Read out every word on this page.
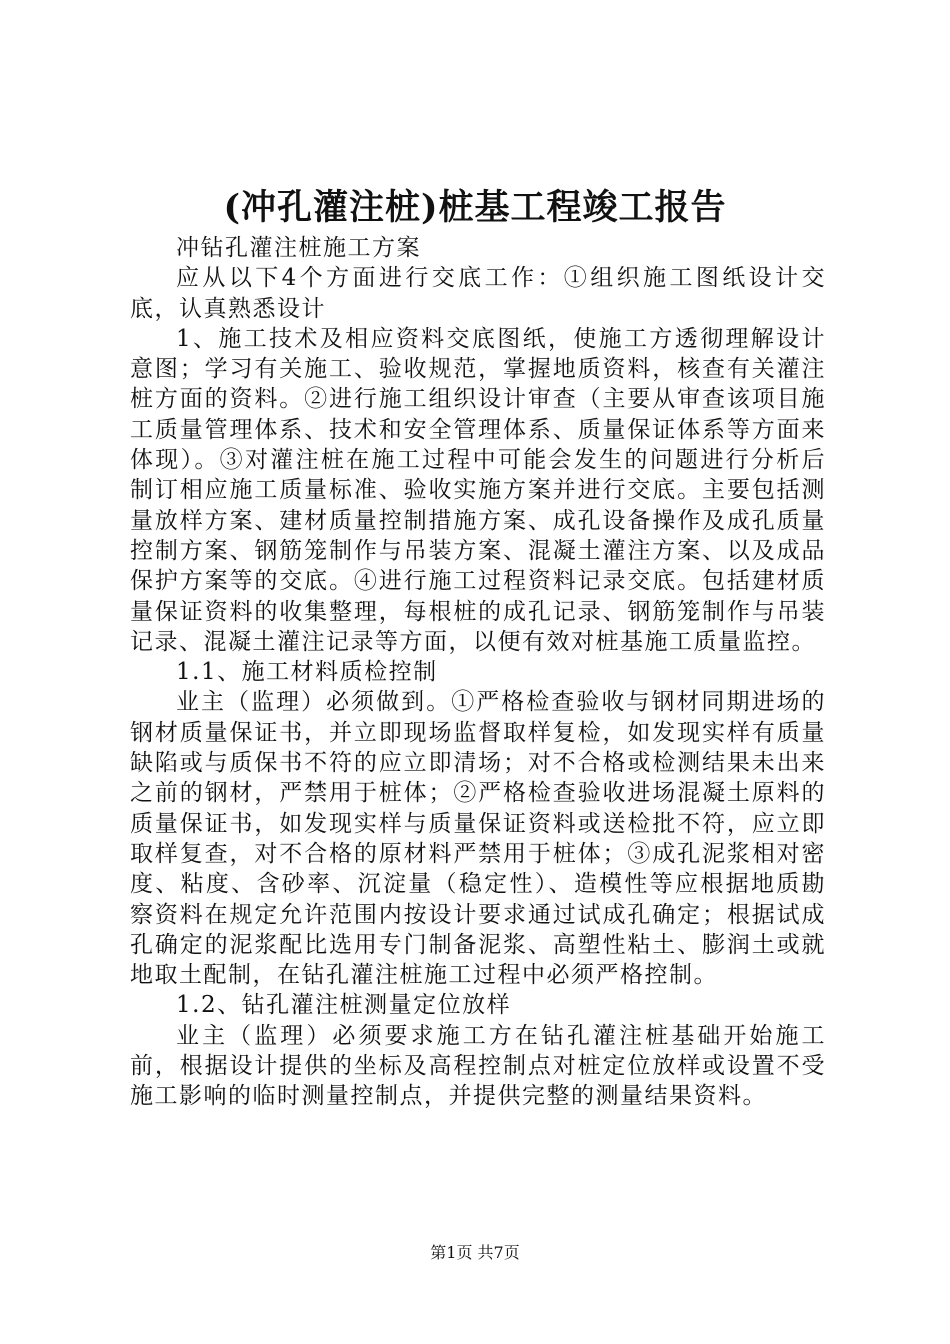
(冲孔灌注桩)桩基工程竣工报告

冲钻孔灌注桩施工方案

应从以下4个方面进行交底工作：①组织施工图纸设计交底，认真熟悉设计

1、施工技术及相应资料交底图纸，使施工方透彻理解设计意图；学习有关施工、验收规范，掌握地质资料，核查有关灌注桩方面的资料。②进行施工组织设计审查（主要从审查该项目施工质量管理体系、技术和安全管理体系、质量保证体系等方面来体现）。③对灌注桩在施工过程中可能会发生的问题进行分析后制订相应施工质量标准、验收实施方案并进行交底。主要包括测量放样方案、建材质量控制措施方案、成孔设备操作及成孔质量控制方案、钢筋笼制作与吊装方案、混凝土灌注方案、以及成品保护方案等的交底。④进行施工过程资料记录交底。包括建材质量保证资料的收集整理，每根桩的成孔记录、钢筋笼制作与吊装记录、混凝土灌注记录等方面，以便有效对桩基施工质量监控。

1.1、施工材料质检控制

业主（监理）必须做到。①严格检查验收与钢材同期进场的钢材质量保证书，并立即现场监督取样复检，如发现实样有质量缺陷或与质保书不符的应立即清场；对不合格或检测结果未出来之前的钢材，严禁用于桩体；②严格检查验收进场混凝土原料的质量保证书，如发现实样与质量保证资料或送检批不符，应立即取样复查，对不合格的原材料严禁用于桩体；③成孔泥浆相对密度、粘度、含砂率、沉淀量（稳定性）、造模性等应根据地质勘察资料在规定允许范围内按设计要求通过试成孔确定；根据试成孔确定的泥浆配比选用专门制备泥浆、高塑性粘土、膨润土或就地取土配制，在钻孔灌注桩施工过程中必须严格控制。

1.2、钻孔灌注桩测量定位放样

业主（监理）必须要求施工方在钻孔灌注桩基础开始施工前，根据设计提供的坐标及高程控制点对桩定位放样或设置不受施工影响的临时测量控制点，并提供完整的测量结果资料。

第1页 共7页
